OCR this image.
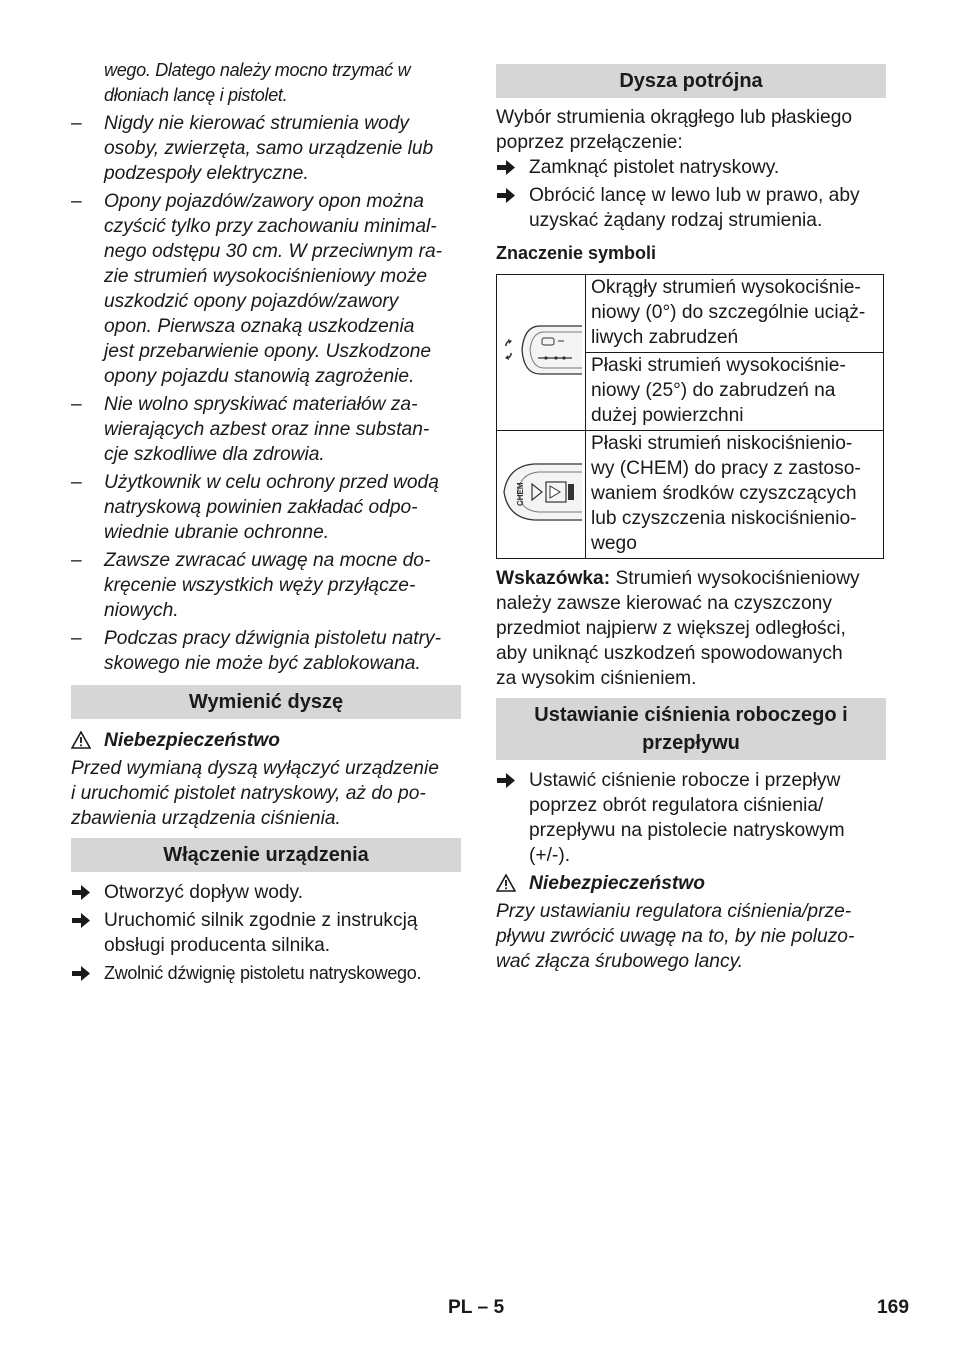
wego. Dlatego należy mocno trzymać w
dłoniach lancę i pistolet.
– Nigdy nie kierować strumienia wody
osoby, zwierzęta, samo urządzenie lub
podzespoły elektryczne.
– Opony pojazdów/zawory opon można
czyścić tylko przy zachowaniu minimal-
nego odstępu 30 cm. W przeciwnym ra-
zie strumień wysokociśnieniowy może
uszkodzić opony pojazdów/zawory
opon. Pierwsza oznaką uszkodzenia
jest przebarwienie opony. Uszkodzone
opony pojazdu stanowią zagrożenie.
– Nie wolno spryskiwać materiałów za-
wierających azbest oraz inne substan-
cje szkodliwe dla zdrowia.
– Użytkownik w celu ochrony przed wodą
natryskową powinien zakładać odpo-
wiednie ubranie ochronne.
– Zawsze zwracać uwagę na mocne do-
kręcenie wszystkich węży przyłącze-
niowych.
– Podczas pracy dźwignia pistoletu natry-
skowego nie może być zablokowana.
Wymienić dyszę
Niebezpieczeństwo
Przed wymianą dyszą wyłączyć urządzenie
i uruchomić pistolet natryskowy, aż do po-
zbawienia urządzenia ciśnienia.
Włączenie urządzenia
Otworzyć dopływ wody.
Uruchomić silnik zgodnie z instrukcją
obsługi producenta silnika.
Zwolnić dźwignię pistoletu natryskowego.
Dysza potrójna
Wybór strumienia okrągłego lub płaskiego
poprzez przełączenie:
Zamknąć pistolet natryskowy.
Obrócić lancę w lewo lub w prawo, aby
uzyskać żądany rodzaj strumienia.
Znaczenie symboli

Okrągły strumień wysokociśnie-
niowy (0°) do szczególnie uciąż-
liwych zabrudzeń

	Płaski strumień wysokociśnie-
niowy (25°) do zabrudzeń na
dużej powierzchni

CHEM	Płaski strumień niskociśnienio-
wy (CHEM) do pracy z zastoso-
waniem środków czyszczących
lub czyszczenia niskociśnienio-
wego
Wskazówka: Strumień wysokociśnieniowy
należy zawsze kierować na czyszczony
przedmiot najpierw z większej odległości,
aby uniknąć uszkodzeń spowodowanych
za wysokim ciśnieniem.
Ustawianie ciśnienia roboczego i
przepływu
Ustawić ciśnienie robocze i przepływ
poprzez obrót regulatora ciśnienia/
przepływu na pistolecie natryskowym
(+/-).
Niebezpieczeństwo
Przy ustawianiu regulatora ciśnienia/prze-
pływu zwrócić uwagę na to, by nie poluzo-
wać złącza śrubowego lancy.
PL – 5	169
